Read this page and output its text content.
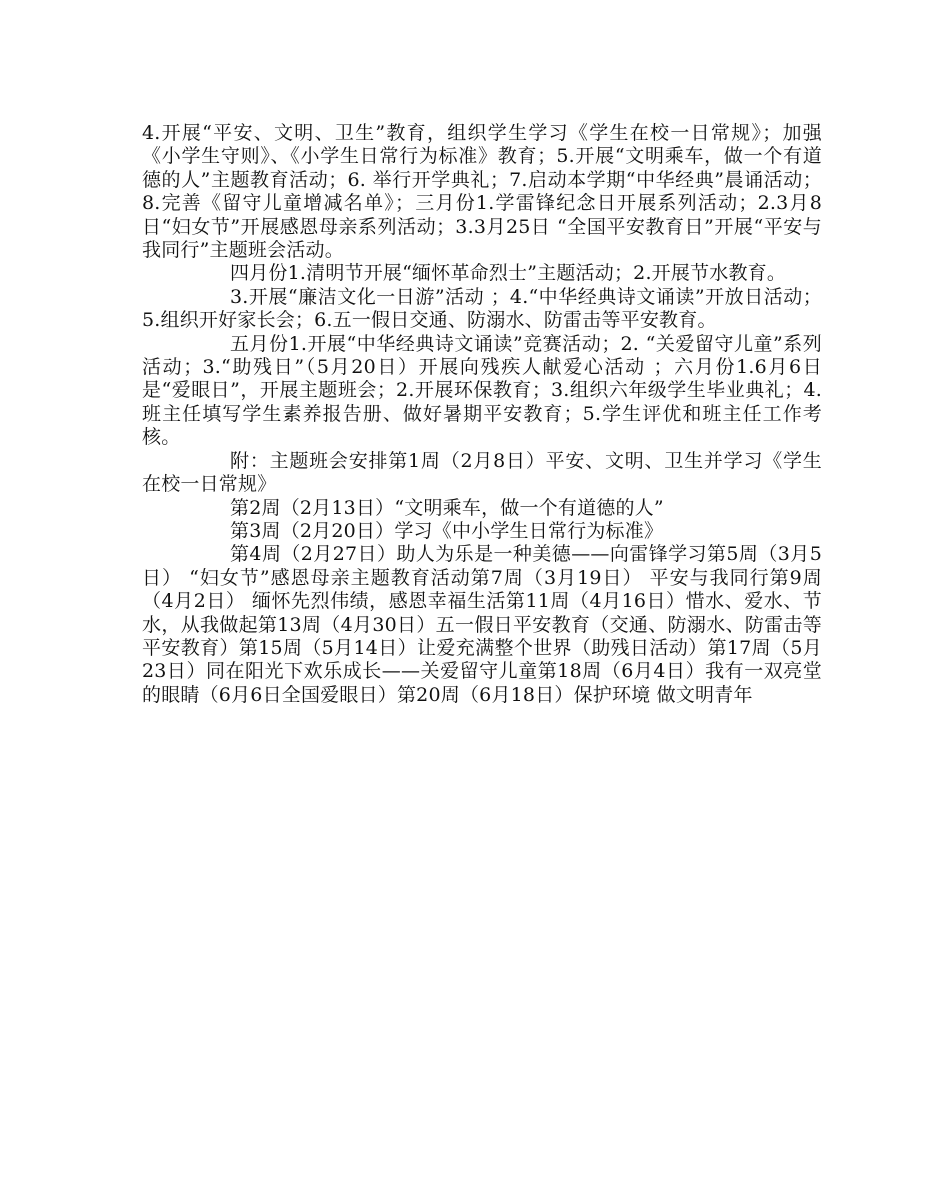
4.开展“平安、文明、卫生”教育，组织学生学习《学生在校一日常规》；加强《小学生守则》、《小学生日常行为标准》教育；5.开展“文明乘车，做一个有道德的人”主题教育活动；6. 举行开学典礼；7.启动本学期“中华经典”晨诵活动；8.完善《留守儿童增减名单》；三月份1.学雷锋纪念日开展系列活动；2.3月8日“妇女节”开展感恩母亲系列活动；3.3月25日 “全国平安教育日”开展“平安与我同行”主题班会活动。

四月份1.清明节开展“缅怀革命烈士”主题活动；2.开展节水教育。

3.开展“廉洁文化一日游”活动 ；4.“中华经典诗文诵读”开放日活动；5.组织开好家长会；6.五一假日交通、防溺水、防雷击等平安教育。

五月份1.开展“中华经典诗文诵读”竞赛活动；2. “关爱留守儿童”系列活动；3.“助残日”（5月20日）开展向残疾人献爱心活动 ；六月份1.6月6日是“爱眼日”，开展主题班会；2.开展环保教育；3.组织六年级学生毕业典礼；4. 班主任填写学生素养报告册、做好暑期平安教育；5.学生评优和班主任工作考核。

附：主题班会安排第1周（2月8日）平安、文明、卫生并学习《学生在校一日常规》

第2周（2月13日）“文明乘车，做一个有道德的人”

第3周（2月20日）学习《中小学生日常行为标准》

第4周（2月27日）助人为乐是一种美德——向雷锋学习第5周（3月5日） “妇女节”感恩母亲主题教育活动第7周（3月19日） 平安与我同行第9周（4月2日） 缅怀先烈伟绩，感恩幸福生活第11周（4月16日）惜水、爱水、节水，从我做起第13周（4月30日）五一假日平安教育（交通、防溺水、防雷击等平安教育）第15周（5月14日）让爱充满整个世界（助残日活动）第17周（5月23日）同在阳光下欢乐成长——关爱留守儿童第18周（6月4日）我有一双亮堂的眼睛（6月6日全国爱眼日）第20周（6月18日）保护环境 做文明青年
